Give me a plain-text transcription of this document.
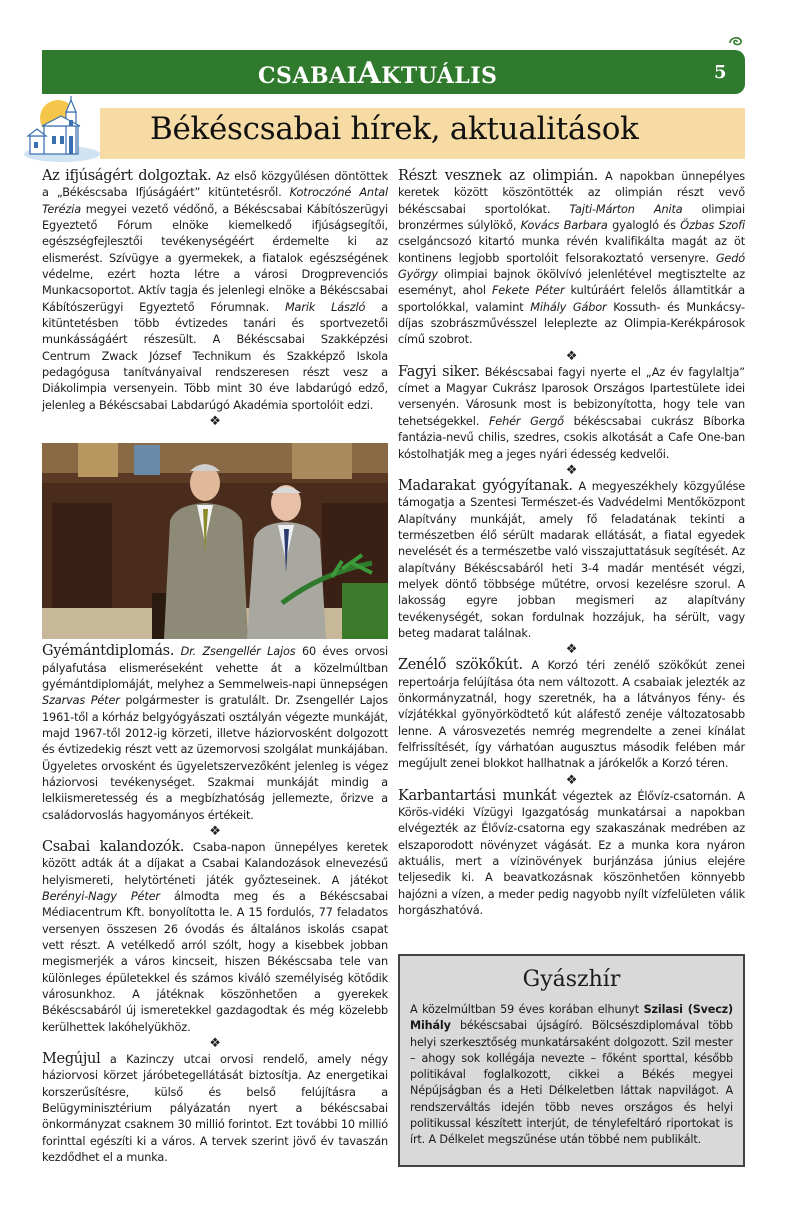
CSABAIAKTUÁLIS	5
Békéscsabai hírek, aktualitások

Az ifjúságért dolgoztak. Az első közgyűlésen döntöttek a „Békéscsaba Ifjúságáért” kitüntetésről. Kotroczóné Antal Terézia megyei vezető védőnő, a Békéscsabai Kábítószerügyi Egyeztető Fórum elnöke kiemelkedő ifjúságsegítői, egészségfejlesztői tevékenységéért érdemelte ki az elismerést. Szívügye a gyermekek, a fiatalok egészségének védelme, ezért hozta létre a városi Drogprevenciós Munkacsoportot. Aktív tagja és jelenlegi elnöke a Békéscsabai Kábítószerügyi Egyeztető Fórumnak. Marik László a kitüntetésben több évtizedes tanári és sportvezetői munkásságáért részesült. A Békéscsabai Szakképzési Centrum Zwack József Technikum és Szakképző Iskola pedagógusa tanítványaival rendszeresen részt vesz a Diákolimpia versenyein. Több mint 30 éve labdarúgó edző, jelenleg a Békéscsabai Labdarúgó Akadémia sportolóit edzi.

❖

Gyémántdiplomás. Dr. Zsengellér Lajos 60 éves orvosi pályafutása elismeréseként vehette át a közelmúltban gyémántdiplomáját, melyhez a Semmelweis-napi ünnepségen Szarvas Péter polgármester is gratulált. Dr. Zsengellér Lajos 1961-től a kórház belgyógyászati osztályán végezte munkáját, majd 1967-től 2012-ig körzeti, illetve háziorvosként dolgozott és évtizedekig részt vett az üzemorvosi szolgálat munkájában. Ügyeletes orvosként és ügyeletszervezőként jelenleg is végez háziorvosi tevékenységet. Szakmai munkáját mindig a lelkiismeretesség és a megbízhatóság jellemezte, őrizve a családorvoslás hagyományos értékeit.

❖

Csabai kalandozók. Csaba-napon ünnepélyes keretek között adták át a díjakat a Csabai Kalandozások elnevezésű helyismereti, helytörténeti játék győzteseinek. A játékot Berényi-Nagy Péter álmodta meg és a Békéscsabai Médiacentrum Kft. bonyolította le. A 15 fordulós, 77 feladatos versenyen összesen 26 óvodás és általános iskolás csapat vett részt. A vetélkedő arról szólt, hogy a kisebbek jobban megismerjék a város kincseit, hiszen Békéscsaba tele van különleges épületekkel és számos kiváló személyiség kötődik városunkhoz. A játéknak köszönhetően a gyerekek Békéscsabáról új ismeretekkel gazdagodtak és még közelebb kerülhettek lakóhelyükhöz.

❖

Megújul a Kazinczy utcai orvosi rendelő, amely négy háziorvosi körzet járóbetegellátását biztosítja. Az energetikai korszerűsítésre, külső és belső felújításra a Belügyminisztérium pályázatán nyert a békéscsabai önkormányzat csaknem 30 millió forintot. Ezt további 10 millió forinttal egészíti ki a város. A tervek szerint jövő év tavaszán kezdődhet el a munka.

Részt vesznek az olimpián. A napokban ünnepélyes keretek között köszöntötték az olimpián részt vevő békéscsabai sportolókat. Tajti-Márton Anita olimpiai bronzérmes súlylökő, Kovács Barbara gyalogló és Özbas Szofi cselgáncsozó kitartó munka révén kvalifikálta magát az öt kontinens legjobb sportolóit felsorakoztató versenyre. Gedó György olimpiai bajnok ökölvívó jelenlétével megtisztelte az eseményt, ahol Fekete Péter kultúráért felelős államtitkár a sportolókkal, valamint Mihály Gábor Kossuth- és Munkácsy-díjas szobrászművésszel leleplezte az Olimpia-Kerékpárosok című szobrot.

❖

Fagyi siker. Békéscsabai fagyi nyerte el „Az év fagylaltja” címet a Magyar Cukrász Iparosok Országos Ipartestülete idei versenyén. Városunk most is bebizonyította, hogy tele van tehetségekkel. Fehér Gergő békéscsabai cukrász Bíborka fantázia-nevű chilis, szedres, csokis alkotását a Cafe One-ban kóstolhatják meg a jeges nyári édesség kedvelői.

❖

Madarakat gyógyítanak. A megyeszékhely közgyűlése támogatja a Szentesi Természet-és Vadvédelmi Mentőközpont Alapítvány munkáját, amely fő feladatának tekinti a természetben élő sérült madarak ellátását, a fiatal egyedek nevelését és a természetbe való visszajuttatásuk segítését. Az alapítvány Békéscsabáról heti 3-4 madár mentését végzi, melyek döntő többsége műtétre, orvosi kezelésre szorul. A lakosság egyre jobban megismeri az alapítvány tevékenységét, sokan fordulnak hozzájuk, ha sérült, vagy beteg madarat találnak.

❖

Zenélő szökőkút. A Korzó téri zenélő szökőkút zenei repertoárja felújítása óta nem változott. A csabaiak jelezték az önkormányzatnál, hogy szeretnék, ha a látványos fény- és vízjátékkal gyönyörködtető kút aláfestő zenéje változatosabb lenne. A városvezetés nemrég megrendelte a zenei kínálat felfrissítését, így várhatóan augusztus második felében már megújult zenei blokkot hallhatnak a járókelők a Korzó téren.

❖

Karbantartási munkát végeztek az Élővíz-csatornán. A Körös-vidéki Vízügyi Igazgatóság munkatársai a napokban elvégezték az Élővíz-csatorna egy szakaszának medrében az elszaporodott növényzet vágását. Ez a munka kora nyáron aktuális, mert a vízinövények burjánzása június elejére teljesedik ki. A beavatkozásnak köszönhetően könnyebb hajózni a vízen, a meder pedig nagyobb nyílt vízfelületen válik horgászhatóvá.

Gyászhír
A közelmúltban 59 éves korában elhunyt Szilasi (Svecz) Mihály békéscsabai újságíró. Bölcsészdiplomával több helyi szerkesztőség munkatársaként dolgozott. Szil mester – ahogy sok kollégája nevezte – főként sporttal, később politikával foglalkozott, cikkei a Békés megyei Népújságban és a Heti Délkeletben láttak napvilágot. A rendszerváltás idején több neves országos és helyi politikussal készített interjút, de ténylefeltáró riportokat is írt. A Délkelet megszűnése után többé nem publikált.
